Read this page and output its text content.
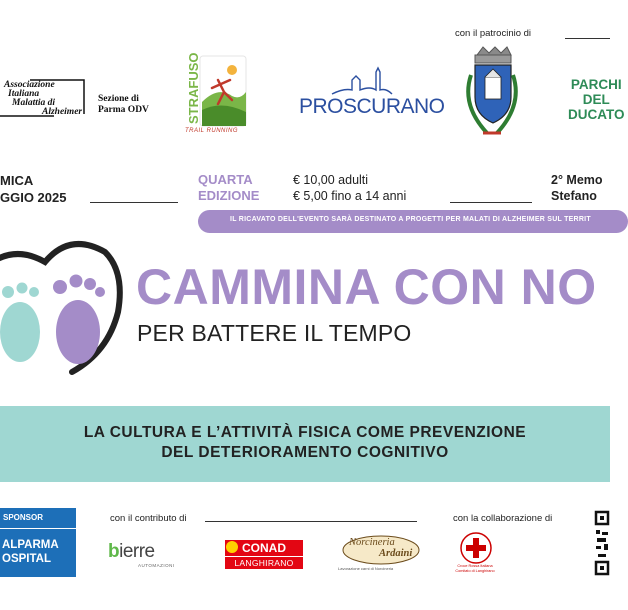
Associazione
Italiana
Malattia di
Alzheimer
Sezione di
Parma ODV	STRAFUSO
TRAIL RUNNING
PROSCURANO
con il patrocinio di
PARCHI
DEL
DUCATO
MICA
GGIO 2025
QUARTA
EDIZIONE
€ 10,00 adulti
€ 5,00 fino a 14 anni
2° Memo
Stefano
IL RICAVATO DELL'EVENTO SARÀ DESTINATO A PROGETTI PER MALATI DI ALZHEIMER SUL TERRIT
CAMMINA CON NO
PER BATTERE IL TEMPO
LA CULTURA E L’ATTIVITÀ FISICA COME PREVENZIONE
DEL DETERIORAMENTO COGNITIVO
SPONSOR
ALPARMA
OSPITAL
con il contributo di	con la collaborazione di
bierre
AUTOMAZIONI
CONAD
LANGHIRANO
Norcineria
Ardaini
Lavorazione carni di Norcineria	Croce Rossa Italiana
Comitato di Langhirano
